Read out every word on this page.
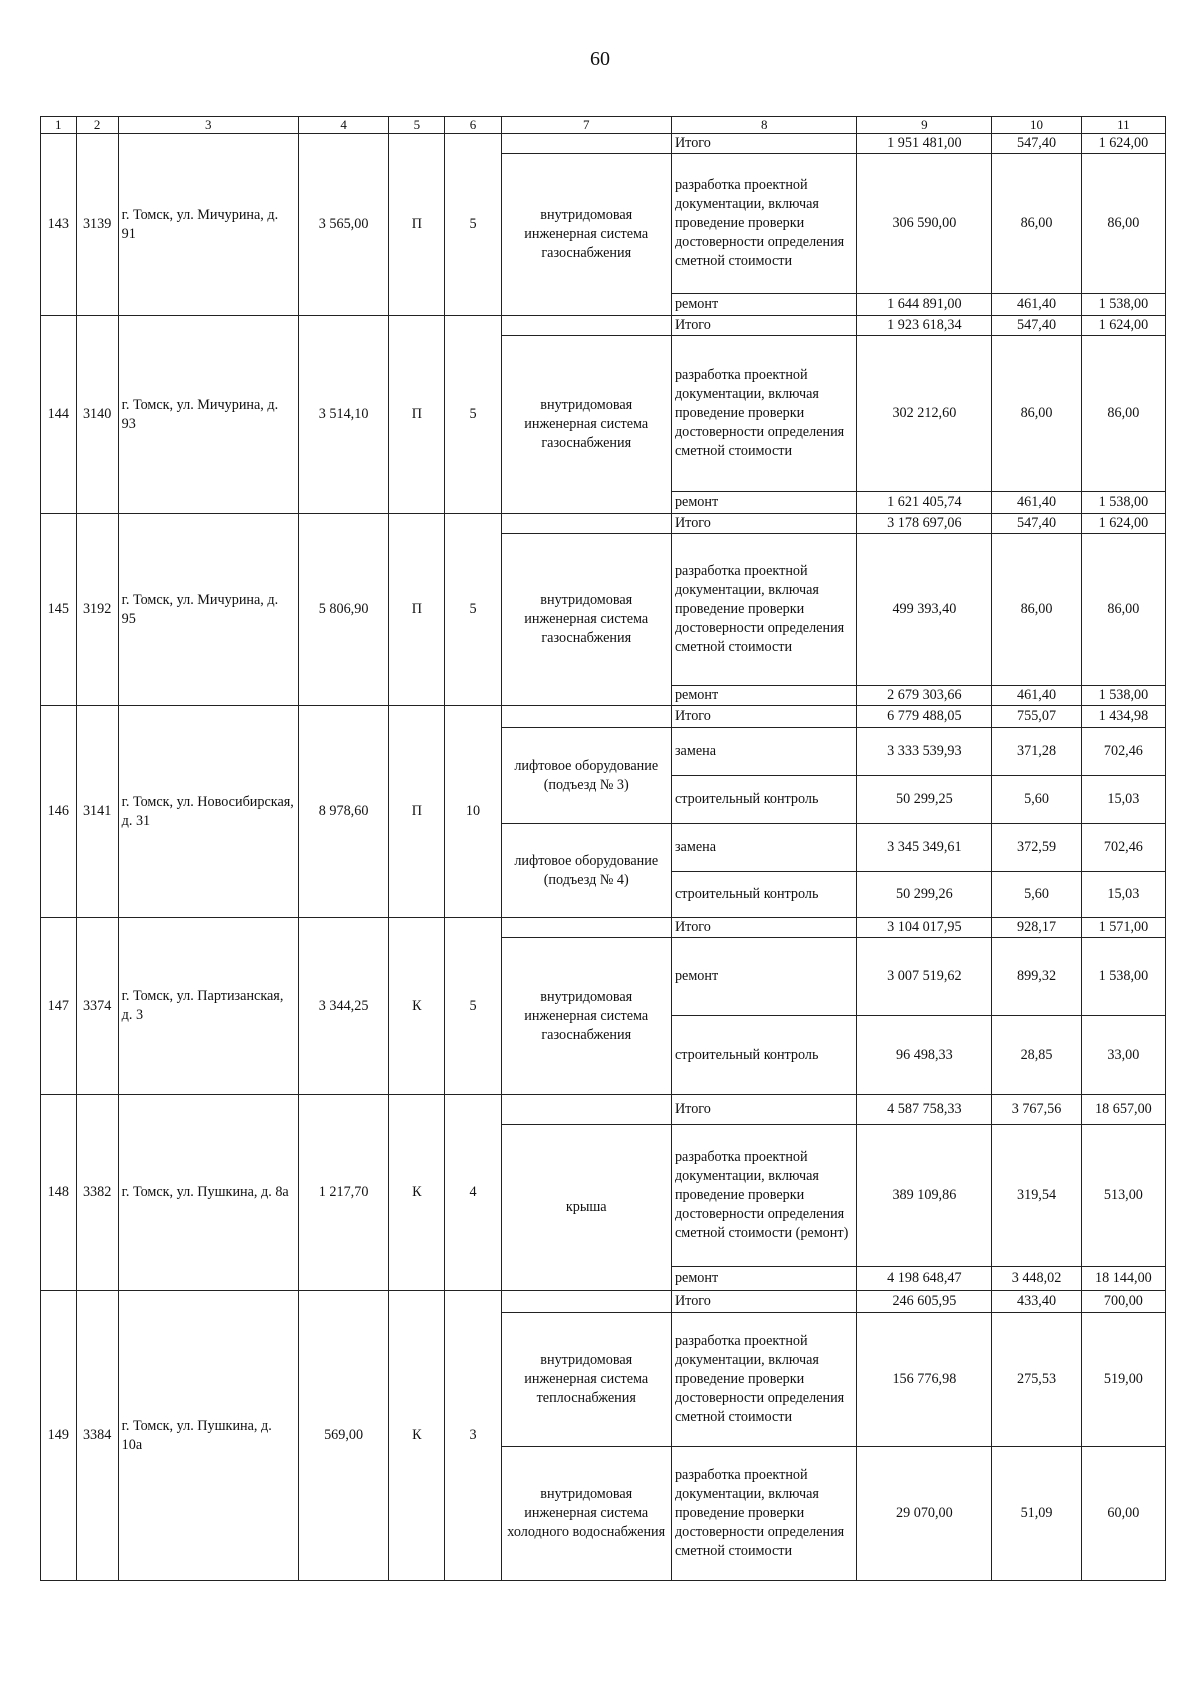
60
1	2	3	4	5	6	7	8	9	10	11
143	3139	г. Томск, ул. Мичурина, д. 91	3 565,00	П	5		Итого	1 951 481,00	547,40	1 624,00
						внутридомовая инженерная система газоснабжения	разработка проектной документации, включая проведение проверки достоверности определения сметной стоимости	306 590,00	86,00	86,00
							ремонт	1 644 891,00	461,40	1 538,00
144	3140	г. Томск, ул. Мичурина, д. 93	3 514,10	П	5		Итого	1 923 618,34	547,40	1 624,00
						внутридомовая инженерная система газоснабжения	разработка проектной документации, включая проведение проверки достоверности определения сметной стоимости	302 212,60	86,00	86,00
							ремонт	1 621 405,74	461,40	1 538,00
145	3192	г. Томск, ул. Мичурина, д. 95	5 806,90	П	5		Итого	3 178 697,06	547,40	1 624,00
						внутридомовая инженерная система газоснабжения	разработка проектной документации, включая проведение проверки достоверности определения сметной стоимости	499 393,40	86,00	86,00
							ремонт	2 679 303,66	461,40	1 538,00
146	3141	г. Томск, ул. Новосибирская, д. 31	8 978,60	П	10		Итого	6 779 488,05	755,07	1 434,98
						лифтовое оборудование (подъезд № 3)	замена	3 333 539,93	371,28	702,46
							строительный контроль	50 299,25	5,60	15,03
						лифтовое оборудование (подъезд № 4)	замена	3 345 349,61	372,59	702,46
							строительный контроль	50 299,26	5,60	15,03
147	3374	г. Томск, ул. Партизанская, д. 3	3 344,25	К	5		Итого	3 104 017,95	928,17	1 571,00
						внутридомовая инженерная система газоснабжения	ремонт	3 007 519,62	899,32	1 538,00
							строительный контроль	96 498,33	28,85	33,00
148	3382	г. Томск, ул. Пушкина, д. 8а	1 217,70	К	4		Итого	4 587 758,33	3 767,56	18 657,00
						крыша	разработка проектной документации, включая проведение проверки достоверности определения сметной стоимости (ремонт)	389 109,86	319,54	513,00
							ремонт	4 198 648,47	3 448,02	18 144,00
149	3384	г. Томск, ул. Пушкина, д. 10а	569,00	К	3		Итого	246 605,95	433,40	700,00
						внутридомовая инженерная система теплоснабжения	разработка проектной документации, включая проведение проверки достоверности определения сметной стоимости	156 776,98	275,53	519,00
						внутридомовая инженерная система холодного водоснабжения	разработка проектной документации, включая проведение проверки достоверности определения сметной стоимости	29 070,00	51,09	60,00
